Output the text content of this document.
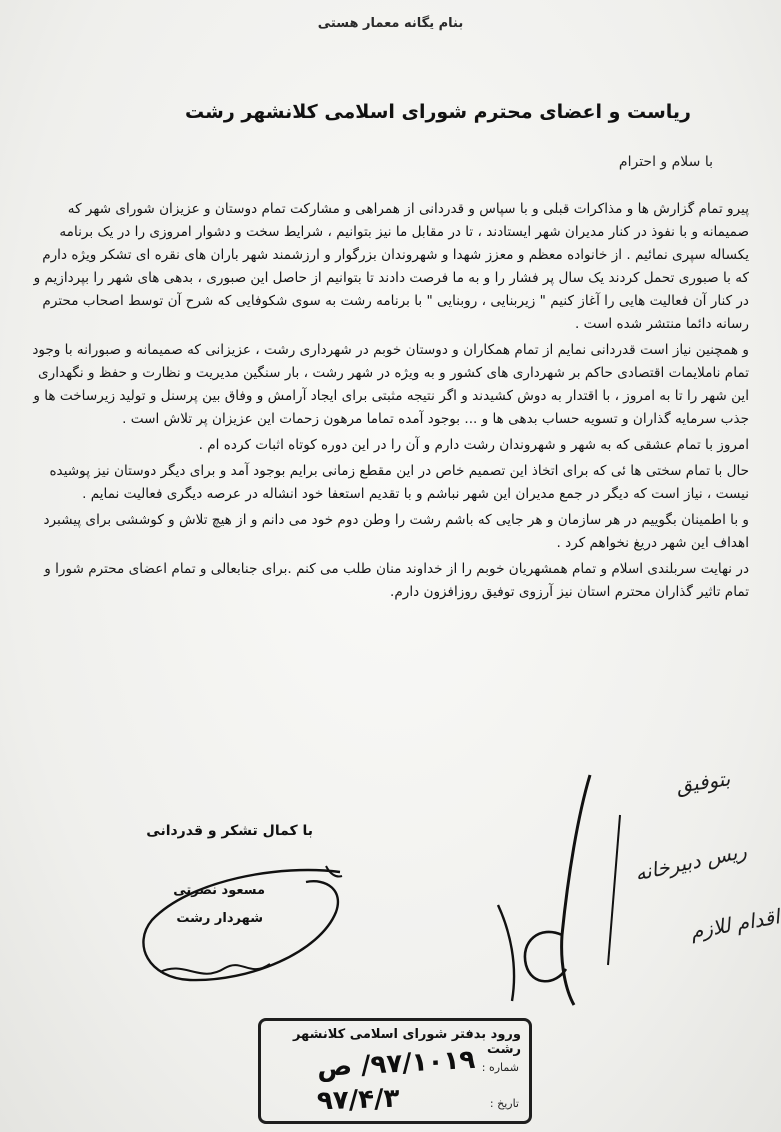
بنام یگانه معمار هستی
ریاست و اعضای محترم شورای اسلامی کلانشهر رشت
با سلام و احترام

پیرو تمام گزارش ها و مذاکرات قبلی و با سپاس و قدردانی از همراهی و مشارکت تمام دوستان و عزیزان شورای شهر که صمیمانه و با نفوذ در کنار مدیران شهر ایستادند ، تا در مقابل ما نیز بتوانیم ، شرایط سخت و دشوار امروزی را در یک برنامه یکساله سپری نمائیم . از خانواده معظم و معزز شهدا و شهروندان بزرگوار و ارزشمند شهر باران های نقره ای تشکر ویژه دارم که با صبوری تحمل کردند یک سال پر فشار را و به ما فرصت دادند تا بتوانیم از حاصل این صبوری ، بدهی های شهر را بپردازیم و در کنار آن فعالیت هایی را آغاز کنیم " زیربنایی ، روبنایی " با برنامه رشت به سوی شکوفایی که شرح آن توسط اصحاب محترم رسانه دائما منتشر شده است .

و همچنین نیاز است قدردانی نمایم از تمام همکاران و دوستان خوبم در شهرداری رشت ، عزیزانی که صمیمانه و صبورانه با وجود تمام ناملایمات اقتصادی حاکم بر شهرداری های کشور و به ویژه در شهر رشت ، بار سنگین مدیریت و نظارت و حفظ و نگهداری این شهر را تا به امروز ، با اقتدار به دوش کشیدند و اگر نتیجه مثبتی برای ایجاد آرامش و وفاق بین پرسنل و تولید زیرساخت ها و جذب سرمایه گذاران و تسویه حساب بدهی ها و ... بوجود آمده تماما مرهون زحمات این عزیزان پر تلاش است .

امروز با تمام عشقی که به شهر و شهروندان رشت دارم و آن را در این دوره کوتاه اثبات کرده ام .

حال با تمام سختی ها ئی که برای اتخاذ این تصمیم خاص در این مقطع زمانی برایم بوجود آمد و برای دیگر دوستان نیز پوشیده نیست ، نیاز است که دیگر در جمع مدیران این شهر نباشم و با تقدیم استعفا خود انشاله در عرصه دیگری فعالیت نمایم .

و با اطمینان بگوییم در هر سازمان و هر جایی که باشم رشت را وطن دوم خود می دانم و از هیچ تلاش و کوششی برای پیشبرد اهداف این شهر دریغ نخواهم کرد .

در نهایت سربلندی اسلام و تمام همشهریان خوبم را از خداوند منان طلب می کنم .برای جنابعالی و تمام اعضای محترم شورا و تمام تاثیر گذاران محترم استان نیز آرزوی توفیق روزافزون دارم.

با کمال تشکر و قدردانی
مسعود نصرتی
شهردار رشت
بتوفیق
ریس دبیرخانه
اقدام للازم
ورود بدفتر شورای اسلامی کلانشهر رشت
شماره :
۹۷/۱۰۱۹/ ص
تاریخ :
۹۷/۴/۳
